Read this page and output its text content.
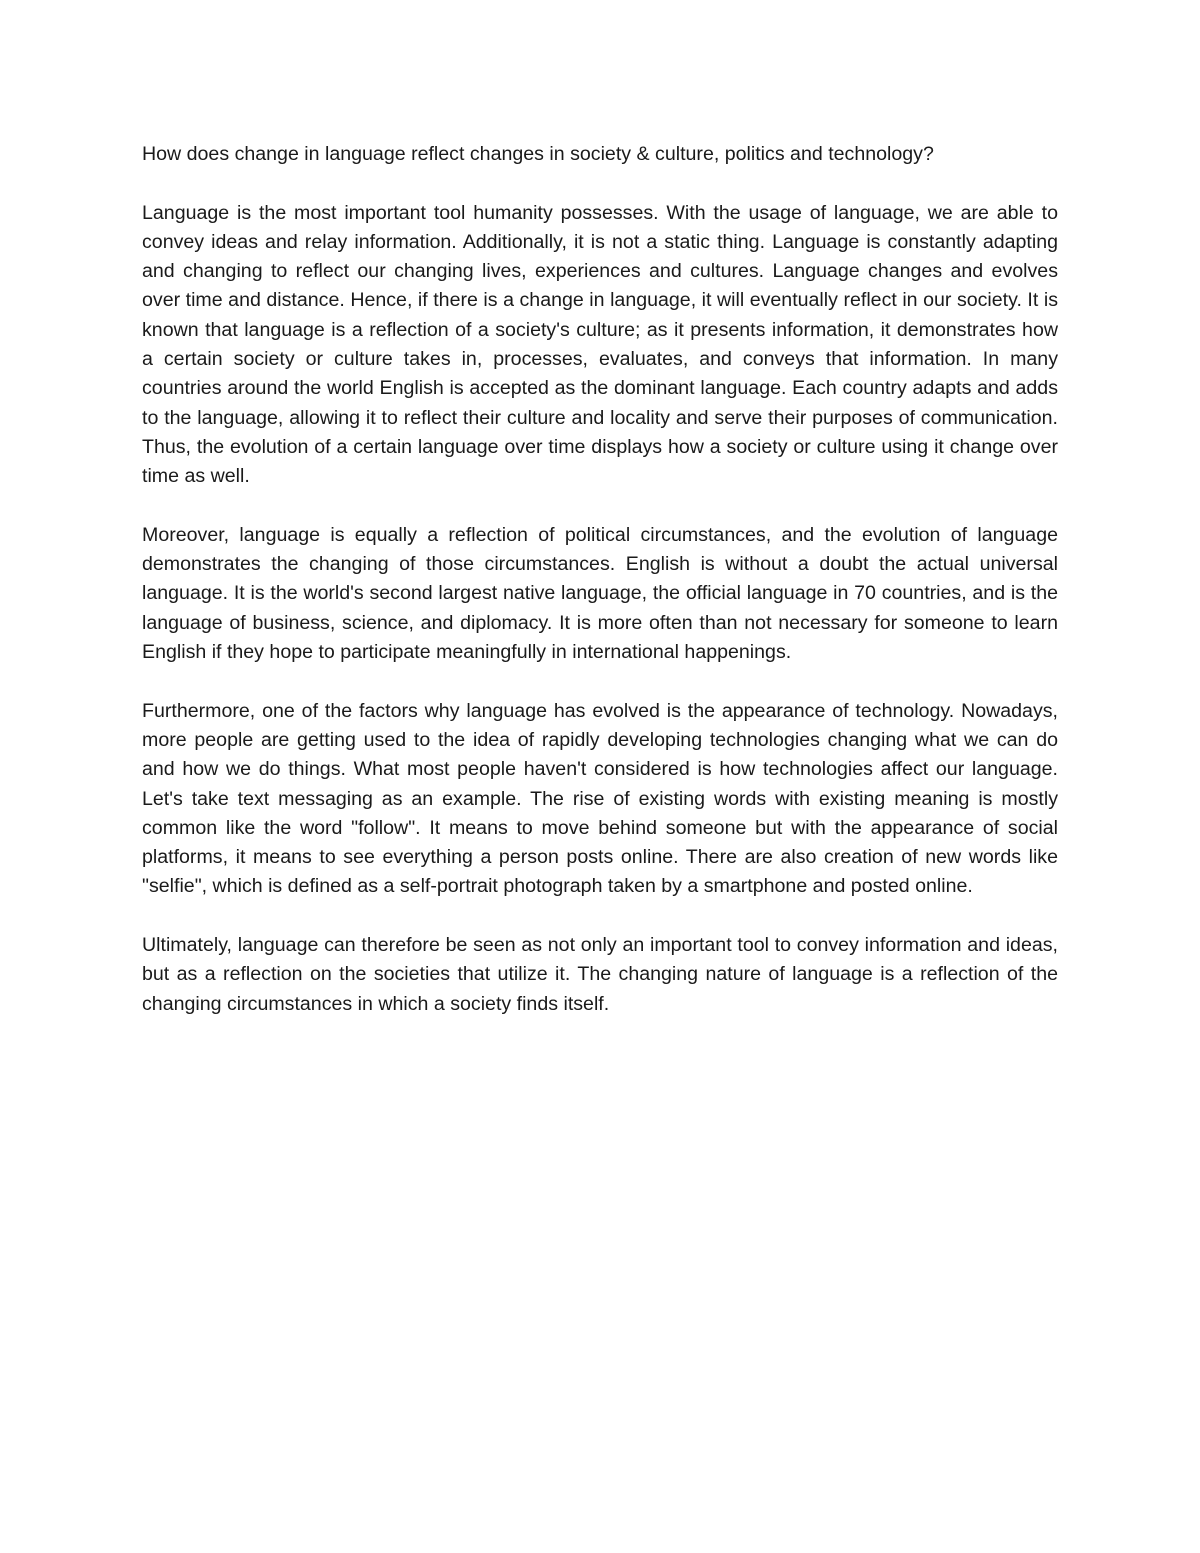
How does change in language reflect changes in society & culture, politics and technology?

Language is the most important tool humanity possesses. With the usage of language, we are able to convey ideas and relay information. Additionally, it is not a static thing. Language is constantly adapting and changing to reflect our changing lives, experiences and cultures. Language changes and evolves over time and distance. Hence, if there is a change in language, it will eventually reflect in our society. It is known that language is a reflection of a society's culture; as it presents information, it demonstrates how a certain society or culture takes in, processes, evaluates, and conveys that information. In many countries around the world English is accepted as the dominant language. Each country adapts and adds to the language, allowing it to reflect their culture and locality and serve their purposes of communication. Thus, the evolution of a certain language over time displays how a society or culture using it change over time as well.

Moreover, language is equally a reflection of political circumstances, and the evolution of language demonstrates the changing of those circumstances. English is without a doubt the actual universal language. It is the world's second largest native language, the official language in 70 countries, and is the language of business, science, and diplomacy. It is more often than not necessary for someone to learn English if they hope to participate meaningfully in international happenings.

Furthermore, one of the factors why language has evolved is the appearance of technology. Nowadays, more people are getting used to the idea of rapidly developing technologies changing what we can do and how we do things. What most people haven't considered is how technologies affect our language. Let's take text messaging as an example. The rise of existing words with existing meaning is mostly common like the word "follow". It means to move behind someone but with the appearance of social platforms, it means to see everything a person posts online. There are also creation of new words like "selfie", which is defined as a self-portrait photograph taken by a smartphone and posted online.

Ultimately, language can therefore be seen as not only an important tool to convey information and ideas, but as a reflection on the societies that utilize it. The changing nature of language is a reflection of the changing circumstances in which a society finds itself.
